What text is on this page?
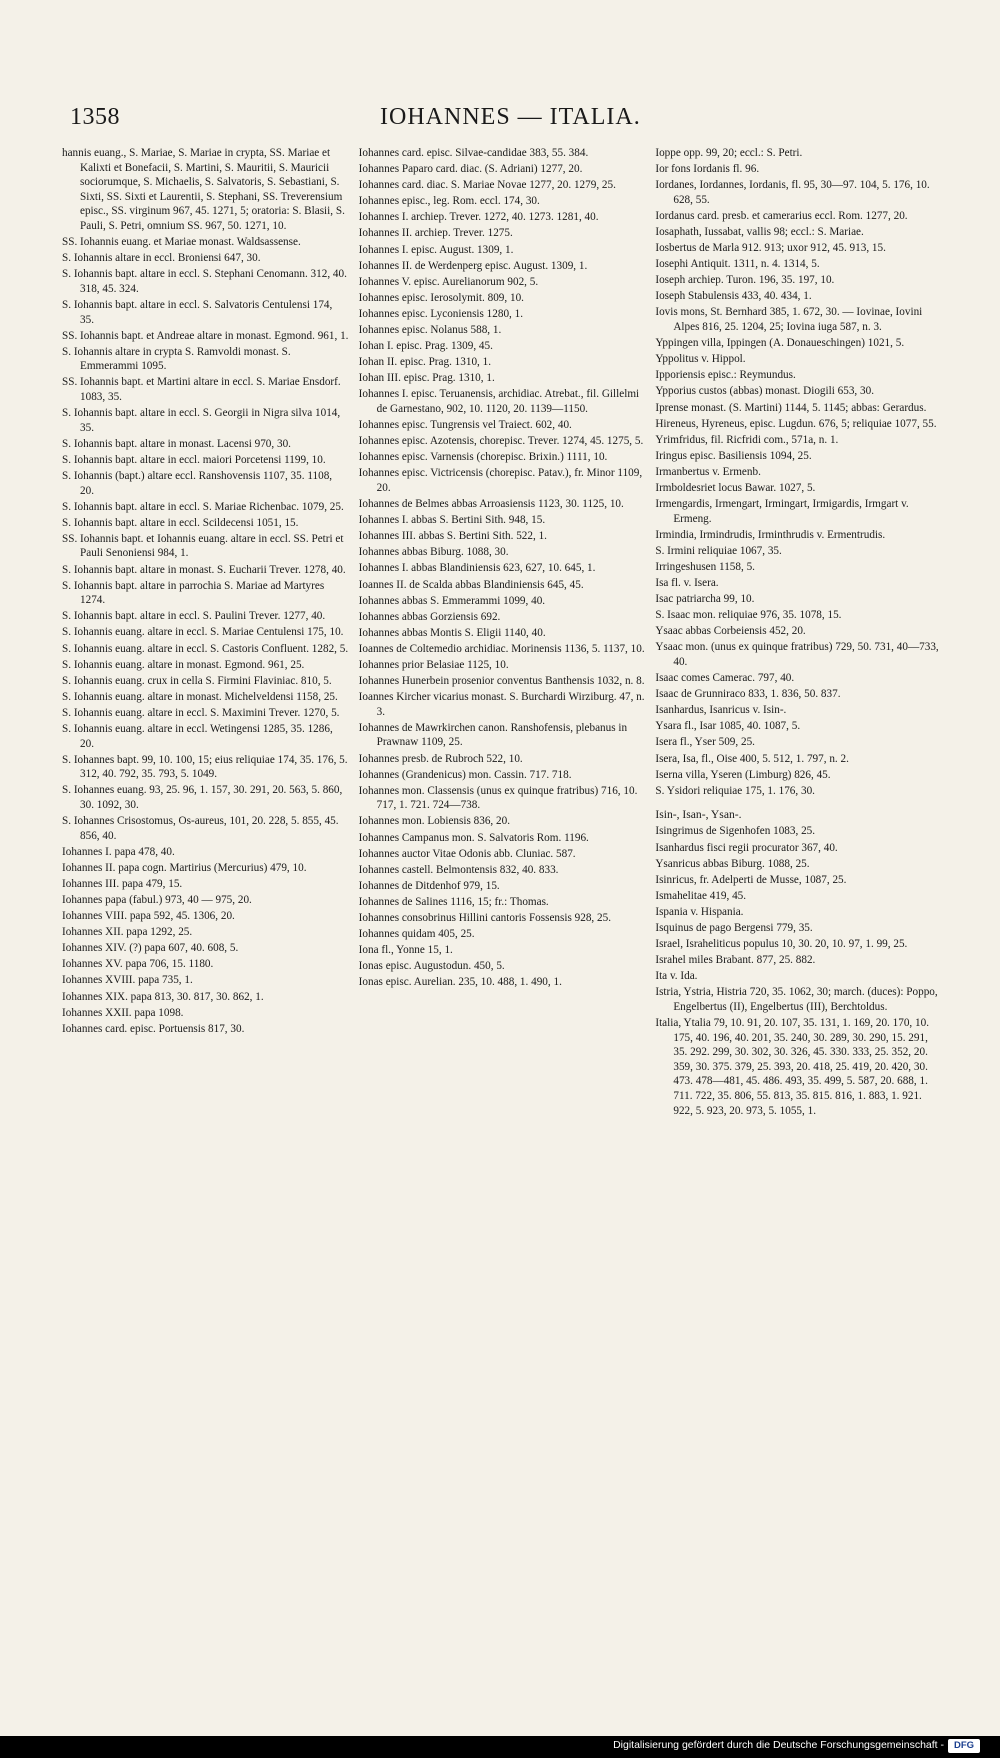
1358	IOHANNES — ITALIA.
hannis euang., S. Mariae, S. Mariae in crypta, SS. Mariae et Kalixti et Bonefacii, S. Martini, S. Mauritii, S. Mauricii sociorumque, S. Michaelis, S. Salvatoris, S. Sebastiani, S. Sixti, SS. Sixti et Laurentii, S. Stephani, SS. Treverensium episc., SS. virginum 967, 45. 1271, 5; oratoria: S. Blasii, S. Pauli, S. Petri, omnium SS. 967, 50. 1271, 10.
SS. Iohannis euang. et Mariae monast. Waldsassense.
S. Iohannis altare in eccl. Broniensi 647, 30.
S. Iohannis bapt. altare in eccl. S. Stephani Cenomann. 312, 40. 318, 45. 324.
S. Iohannis bapt. altare in eccl. S. Salvatoris Centulensi 174, 35.
SS. Iohannis bapt. et Andreae altare in monast. Egmond. 961, 1.
S. Iohannis altare in crypta S. Ramvoldi monast. S. Emmerammi 1095.
SS. Iohannis bapt. et Martini altare in eccl. S. Mariae Ensdorf. 1083, 35.
S. Iohannis bapt. altare in eccl. S. Georgii in Nigra silva 1014, 35.
S. Iohannis bapt. altare in monast. Lacensi 970, 30.
S. Iohannis bapt. altare in eccl. maiori Porcetensi 1199, 10.
S. Iohannis (bapt.) altare eccl. Ranshovensis 1107, 35. 1108, 20.
S. Iohannis bapt. altare in eccl. S. Mariae Richenbac. 1079, 25.
S. Iohannis bapt. altare in eccl. Scildecensi 1051, 15.
SS. Iohannis bapt. et Iohannis euang. altare in eccl. SS. Petri et Pauli Senoniensi 984, 1.
S. Iohannis bapt. altare in monast. S. Eucharii Trever. 1278, 40.
S. Iohannis bapt. altare in parrochia S. Mariae ad Martyres 1274.
S. Iohannis bapt. altare in eccl. S. Paulini Trever. 1277, 40.
S. Iohannis euang. altare in eccl. S. Mariae Centulensi 175, 10.
S. Iohannis euang. altare in eccl. S. Castoris Confluent. 1282, 5.
S. Iohannis euang. altare in monast. Egmond. 961, 25.
S. Iohannis euang. crux in cella S. Firmini Flaviniac. 810, 5.
S. Iohannis euang. altare in monast. Michelveldensi 1158, 25.
S. Iohannis euang. altare in eccl. S. Maximini Trever. 1270, 5.
S. Iohannis euang. altare in eccl. Wetingensi 1285, 35. 1286, 20.
S. Iohannes bapt. 99, 10. 100, 15; eius reliquiae 174, 35. 176, 5. 312, 40. 792, 35. 793, 5. 1049.
S. Iohannes euang. 93, 25. 96, 1. 157, 30. 291, 20. 563, 5. 860, 30. 1092, 30.
S. Iohannes Crisostomus, Os-aureus, 101, 20. 228, 5. 855, 45. 856, 40.
Iohannes I. papa 478, 40.
Iohannes II. papa cogn. Martirius (Mercurius) 479, 10.
Iohannes III. papa 479, 15.
Iohannes papa (fabul.) 973, 40 — 975, 20.
Iohannes VIII. papa 592, 45. 1306, 20.
Iohannes XII. papa 1292, 25.
Iohannes XIV. (?) papa 607, 40. 608, 5.
Iohannes XV. papa 706, 15. 1180.
Iohannes XVIII. papa 735, 1.
Iohannes XIX. papa 813, 30. 817, 30. 862, 1.
Iohannes XXII. papa 1098.
Iohannes card. episc. Portuensis 817, 30.
Iohannes card. episc. Silvae-candidae 383, 55. 384.
Iohannes Paparo card. diac. (S. Adriani) 1277, 20.
Iohannes card. diac. S. Mariae Novae 1277, 20. 1279, 25.
Iohannes episc., leg. Rom. eccl. 174, 30.
Iohannes I. archiep. Trever. 1272, 40. 1273. 1281, 40.
Iohannes II. archiep. Trever. 1275.
Iohannes I. episc. August. 1309, 1.
Iohannes II. de Werdenperg episc. August. 1309, 1.
Iohannes V. episc. Aurelianorum 902, 5.
Iohannes episc. Ierosolymit. 809, 10.
Iohannes episc. Lyconiensis 1280, 1.
Iohannes episc. Nolanus 588, 1.
Iohan I. episc. Prag. 1309, 45.
Iohan II. episc. Prag. 1310, 1.
Iohan III. episc. Prag. 1310, 1.
Iohannes I. episc. Teruanensis, archidiac. Atrebat., fil. Gillelmi de Garnestano, 902, 10. 1120, 20. 1139—1150.
Iohannes episc. Tungrensis vel Traiect. 602, 40.
Iohannes episc. Azotensis, chorepisc. Trever. 1274, 45. 1275, 5.
Iohannes episc. Varnensis (chorepisc. Brixin.) 1111, 10.
Iohannes episc. Victricensis (chorepisc. Patav.), fr. Minor 1109, 20.
Iohannes de Belmes abbas Arroasiensis 1123, 30. 1125, 10.
Iohannes I. abbas S. Bertini Sith. 948, 15.
Iohannes III. abbas S. Bertini Sith. 522, 1.
Iohannes abbas Biburg. 1088, 30.
Iohannes I. abbas Blandiniensis 623, 627, 10. 645, 1.
Ioannes II. de Scalda abbas Blandiniensis 645, 45.
Iohannes abbas S. Emmerammi 1099, 40.
Iohannes abbas Gorziensis 692.
Iohannes abbas Montis S. Eligii 1140, 40.
Ioannes de Coltemedio archidiac. Morinensis 1136, 5. 1137, 10.
Iohannes prior Belasiae 1125, 10.
Iohannes Hunerbein prosenior conventus Banthensis 1032, n. 8.
Ioannes Kircher vicarius monast. S. Burchardi Wirziburg. 47, n. 3.
Iohannes de Mawrkirchen canon. Ranshofensis, plebanus in Prawnaw 1109, 25.
Iohannes presb. de Rubroch 522, 10.
Iohannes (Grandenicus) mon. Cassin. 717. 718.
Iohannes mon. Classensis (unus ex quinque fratribus) 716, 10. 717, 1. 721. 724—738.
Iohannes mon. Lobiensis 836, 20.
Iohannes Campanus mon. S. Salvatoris Rom. 1196.
Iohannes auctor Vitae Odonis abb. Cluniac. 587.
Iohannes castell. Belmontensis 832, 40. 833.
Iohannes de Ditdenhof 979, 15.
Iohannes de Salines 1116, 15; fr.: Thomas.
Iohannes consobrinus Hillini cantoris Fossensis 928, 25.
Iohannes quidam 405, 25.
Iona fl., Yonne 15, 1.
Ionas episc. Augustodun. 450, 5.
Ionas episc. Aurelian. 235, 10. 488, 1. 490, 1.
Ioppe opp. 99, 20; eccl.: S. Petri.
Ior fons Iordanis fl. 96.
Iordanes, Iordannes, Iordanis, fl. 95, 30—97. 104, 5. 176, 10. 628, 55.
Iordanus card. presb. et camerarius eccl. Rom. 1277, 20.
Iosaphath, Iussabat, vallis 98; eccl.: S. Mariae.
Iosbertus de Marla 912. 913; uxor 912, 45. 913, 15.
Iosephi Antiquit. 1311, n. 4. 1314, 5.
Ioseph archiep. Turon. 196, 35. 197, 10.
Ioseph Stabulensis 433, 40. 434, 1.
Iovis mons, St. Bernhard 385, 1. 672, 30. — Iovinae, Iovini Alpes 816, 25. 1204, 25; Iovina iuga 587, n. 3.
Yppingen villa, Ippingen (A. Donaueschingen) 1021, 5.
Yppolitus v. Hippol.
Ipporiensis episc.: Reymundus.
Ypporius custos (abbas) monast. Diogili 653, 30.
Iprense monast. (S. Martini) 1144, 5. 1145; abbas: Gerardus.
Hireneus, Hyreneus, episc. Lugdun. 676, 5; reliquiae 1077, 55.
Yrimfridus, fil. Ricfridi com., 571a, n. 1.
Iringus episc. Basiliensis 1094, 25.
Irmanbertus v. Ermenb.
Irmboldesriet locus Bawar. 1027, 5.
Irmengardis, Irmengart, Irmingart, Irmigardis, Irmgart v. Ermeng.
Irmindia, Irmindrudis, Irminthrudis v. Ermentrudis.
S. Irmini reliquiae 1067, 35.
Irringeshusen 1158, 5.
Isa fl. v. Isera.
Isac patriarcha 99, 10.
S. Isaac mon. reliquiae 976, 35. 1078, 15.
Ysaac abbas Corbeiensis 452, 20.
Ysaac mon. (unus ex quinque fratribus) 729, 50. 731, 40—733, 40.
Isaac comes Camerac. 797, 40.
Isaac de Grunniraco 833, 1. 836, 50. 837.
Isanhardus, Isanricus v. Isin-.
Ysara fl., Isar 1085, 40. 1087, 5.
Isera fl., Yser 509, 25.
Isera, Isa, fl., Oise 400, 5. 512, 1. 797, n. 2.
Iserna villa, Yseren (Limburg) 826, 45.
S. Ysidori reliquiae 175, 1. 176, 30.
Isin-, Isan-, Ysan-.
Isingrimus de Sigenhofen 1083, 25.
Isanhardus fisci regii procurator 367, 40.
Ysanricus abbas Biburg. 1088, 25.
Isinricus, fr. Adelperti de Musse, 1087, 25.
Ismahelitae 419, 45.
Ispania v. Hispania.
Isquinus de pago Bergensi 779, 35.
Israel, Israheliticus populus 10, 30. 20, 10. 97, 1. 99, 25.
Israhel miles Brabant. 877, 25. 882.
Ita v. Ida.
Istria, Ystria, Histria 720, 35. 1062, 30; march. (duces): Poppo, Engelbertus (II), Engelbertus (III), Berchtoldus.
Italia, Ytalia 79, 10. 91, 20. 107, 35. 131, 1. 169, 20. 170, 10. 175, 40. 196, 40. 201, 35. 240, 30. 289, 30. 290, 15. 291, 35. 292. 299, 30. 302, 30. 326, 45. 330. 333, 25. 352, 20. 359, 30. 375. 379, 25. 393, 20. 418, 25. 419, 20. 420, 30. 473. 478—481, 45. 486. 493, 35. 499, 5. 587, 20. 688, 1. 711. 722, 35. 806, 55. 813, 35. 815. 816, 1. 883, 1. 921. 922, 5. 923, 20. 973, 5. 1055, 1.
Digitalisierung gefördert durch die Deutsche Forschungsgemeinschaft -	DFG
